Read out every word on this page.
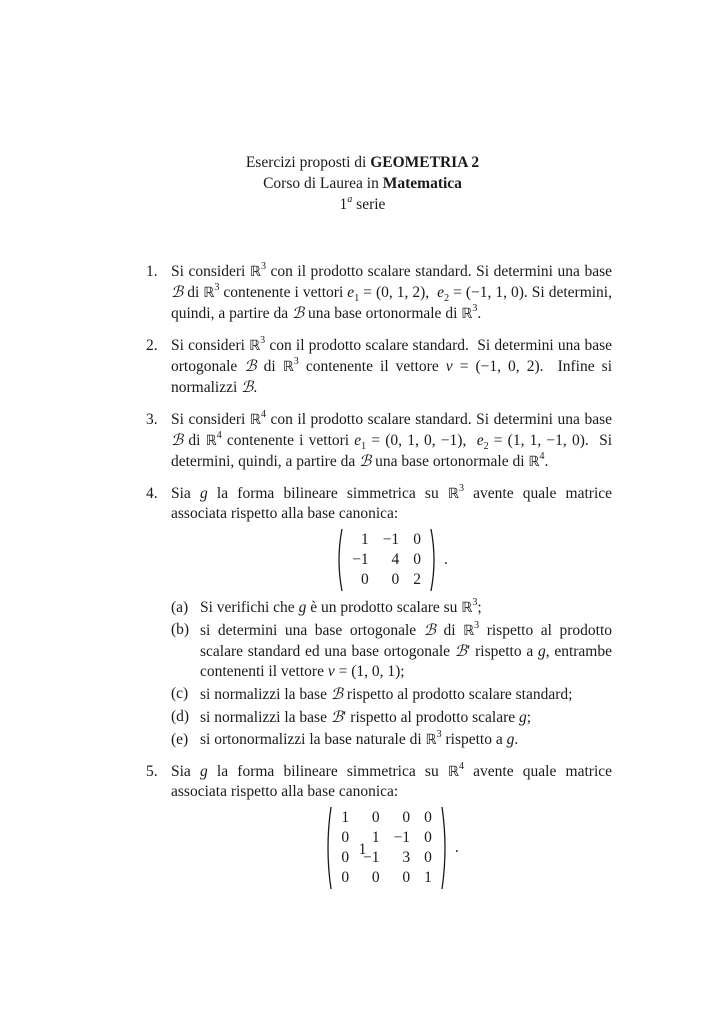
Esercizi proposti di GEOMETRIA 2
Corso di Laurea in Matematica
1$^a$ serie
1. Si consideri ℝ$^3$ con il prodotto scalare standard. Si determini una base ℬ di ℝ$^3$ contenente i vettori $e_1 = (0$, 1, 2),  $e_2 = (-1$, 1, 0). Si determini, quindi, a partire da ℬ una base ortonormale di ℝ$^3$.
2. Si consideri ℝ$^3$ con il prodotto scalare standard.  Si determini una base ortogonale ℬ di ℝ$^3$ contenente il vettore v = (−1, 0, 2).  Infine si normalizzi ℬ.
3. Si consideri ℝ$^4$ con il prodotto scalare standard. Si determini una base ℬ di ℝ$^4$ contenente i vettori $e_1 = (0$, 1, 0, −1),  $e_2 = (1$, 1, −1, 0).  Si determini, quindi, a partire da ℬ una base ortonormale di ℝ$^4$.
4. Sia g la forma bilineare simmetrica su ℝ$^3$ avente quale matrice associata rispetto alla base canonica:
1	−1	0
−1	4	0
0	0	2
.
(a) Si verifichi che g è un prodotto scalare su ℝ$^3$;
(b) si determini una base ortogonale ℬ di ℝ$^3$ rispetto al prodotto scalare standard ed una base ortogonale ℬ′ rispetto a g, entrambe contenenti il vettore v = (1, 0, 1);
(c) si normalizzi la base ℬ rispetto al prodotto scalare standard;
(d) si normalizzi la base ℬ′ rispetto al prodotto scalare g;
(e) si ortonormalizzi la base naturale di ℝ$^3$ rispetto a g.
5. Sia g la forma bilineare simmetrica su ℝ$^4$ avente quale matrice associata rispetto alla base canonica:
1	0	0	0
0	1	−1	0
0	−1	3	0
0	0	0	1
.
1
